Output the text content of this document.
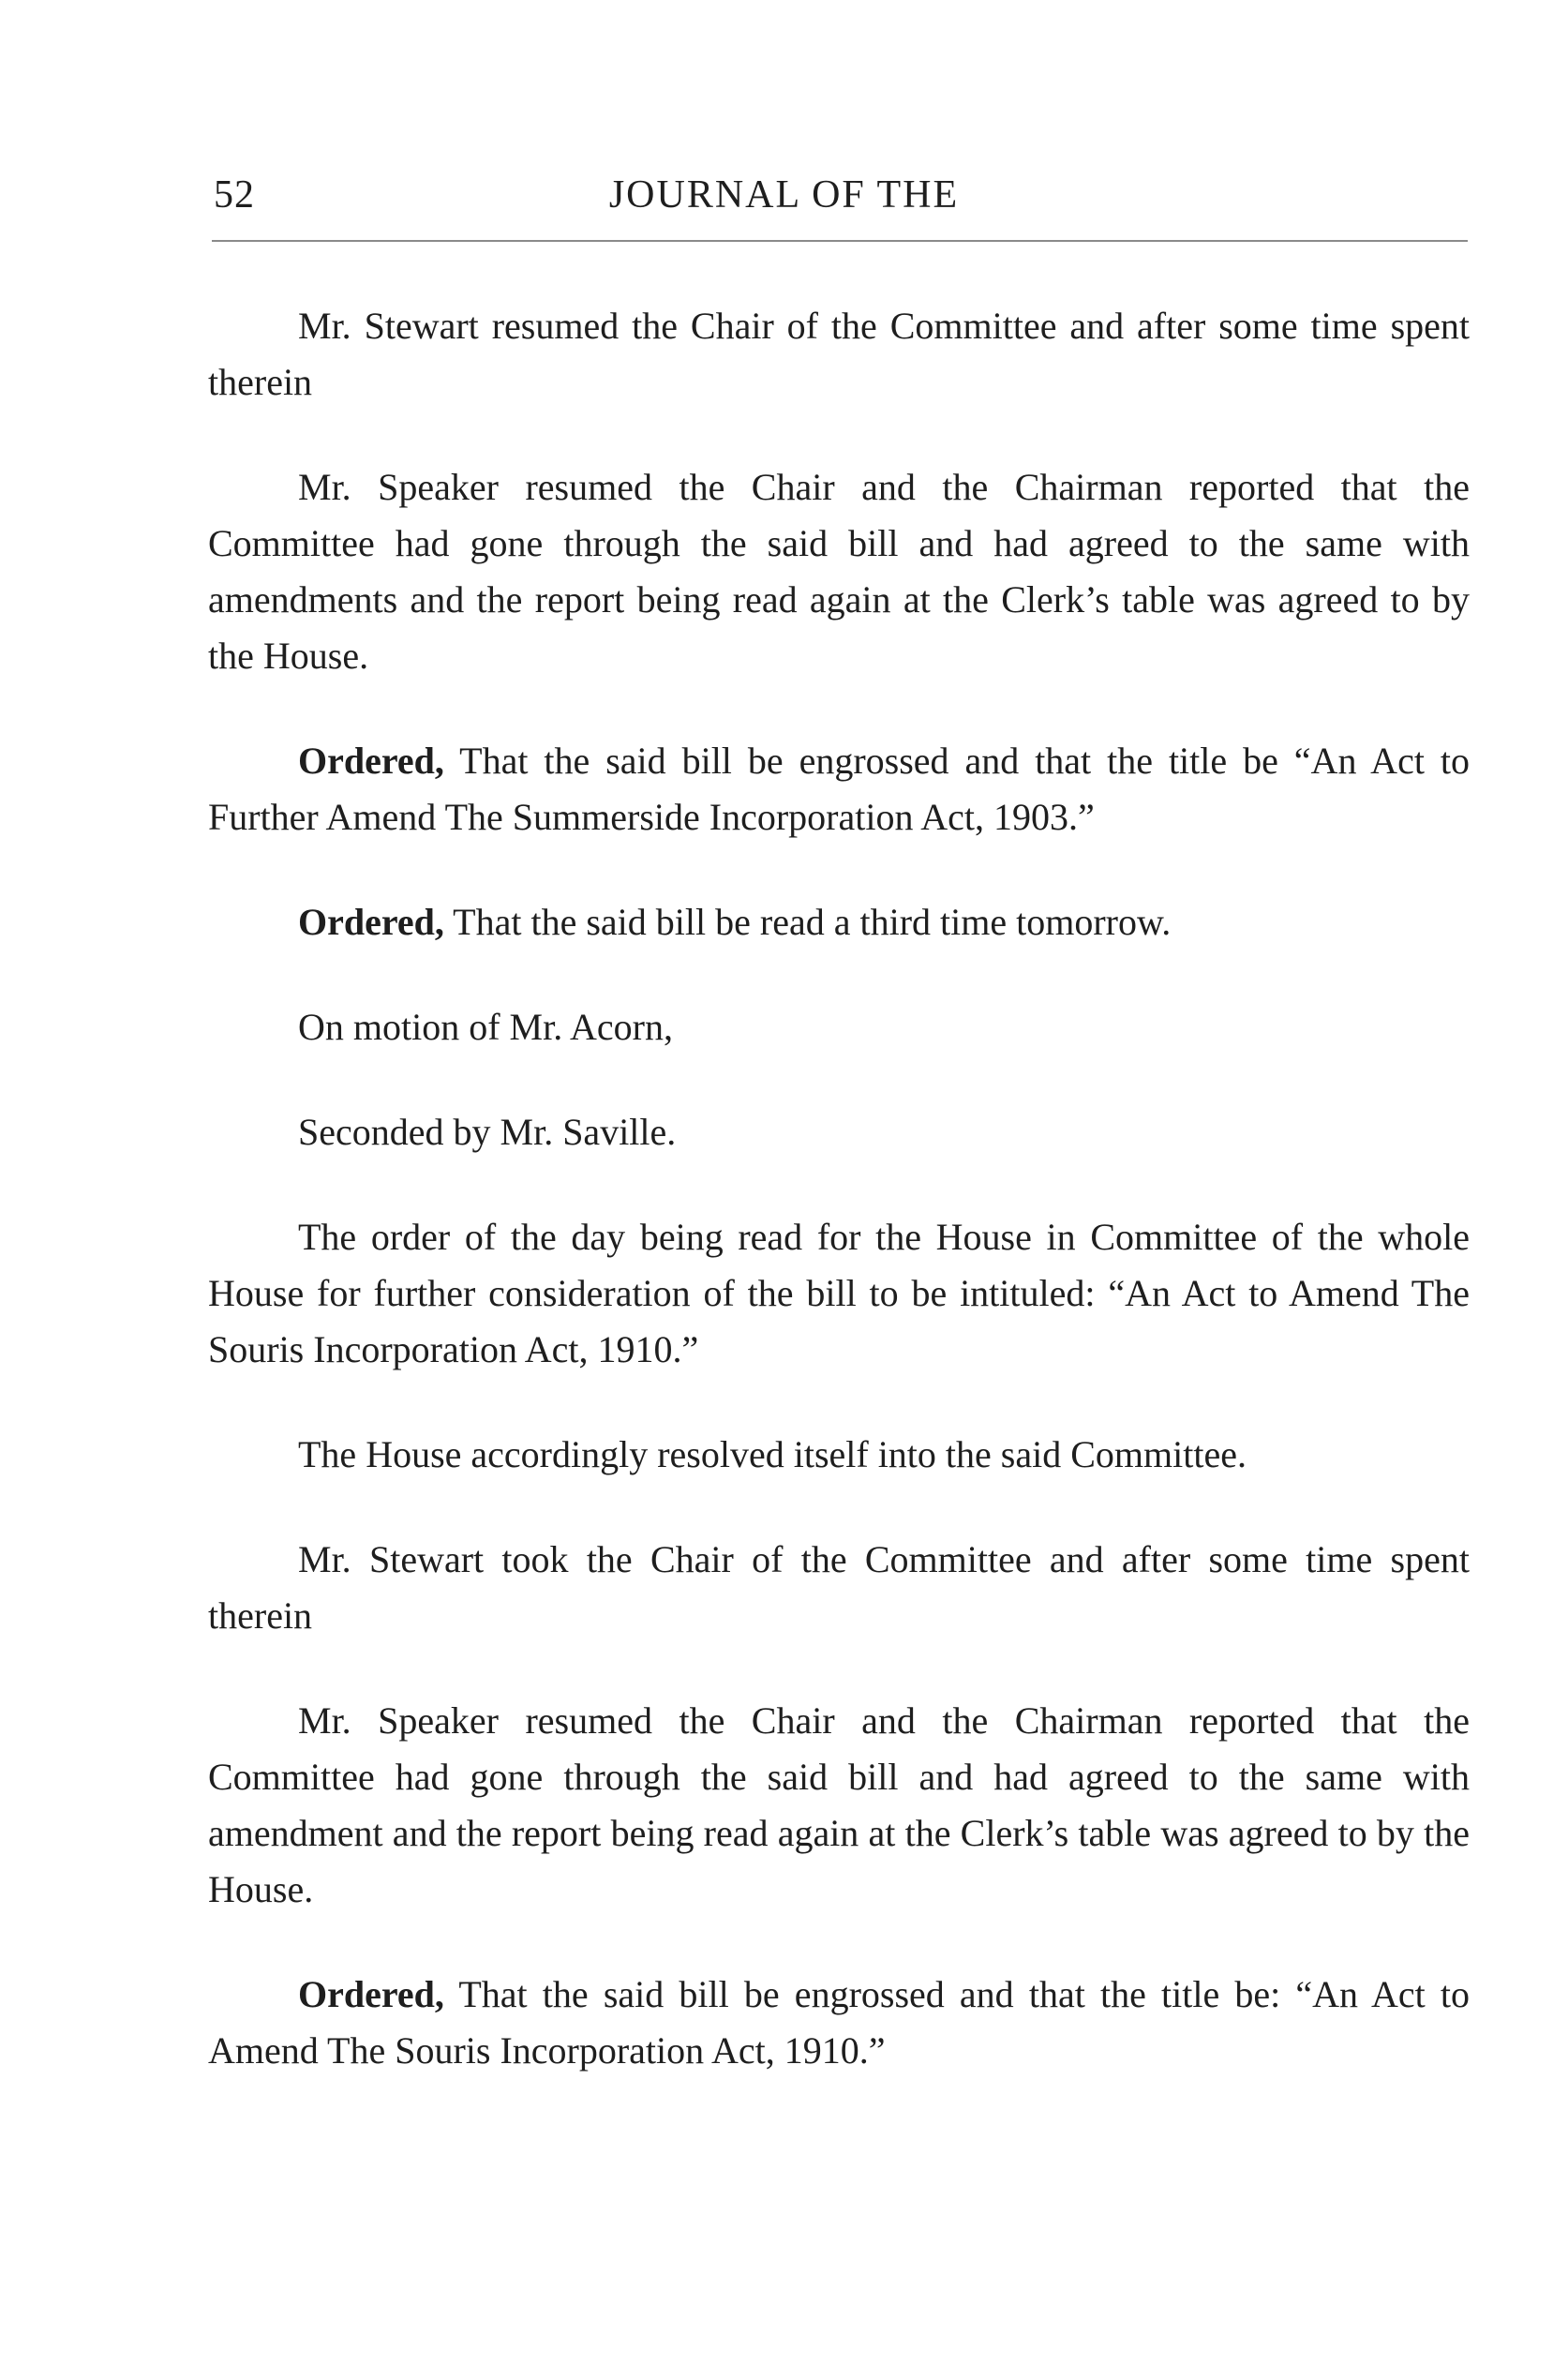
52	JOURNAL OF THE

Mr. Stewart resumed the Chair of the Committee and after some time spent therein

Mr. Speaker resumed the Chair and the Chairman reported that the Committee had gone through the said bill and had agreed to the same with amendments and the report being read again at the Clerk’s table was agreed to by the House.

Ordered, That the said bill be engrossed and that the title be “An Act to Further Amend The Summerside Incorporation Act, 1903.”

Ordered, That the said bill be read a third time tomorrow.

On motion of Mr. Acorn,

Seconded by Mr. Saville.

The order of the day being read for the House in Committee of the whole House for further consideration of the bill to be intituled: “An Act to Amend The Souris Incorporation Act, 1910.”

The House accordingly resolved itself into the said Committee.

Mr. Stewart took the Chair of the Committee and after some time spent therein

Mr. Speaker resumed the Chair and the Chairman reported that the Committee had gone through the said bill and had agreed to the same with amendment and the report being read again at the Clerk’s table was agreed to by the House.

Ordered, That the said bill be engrossed and that the title be: “An Act to Amend The Souris Incorporation Act, 1910.”
